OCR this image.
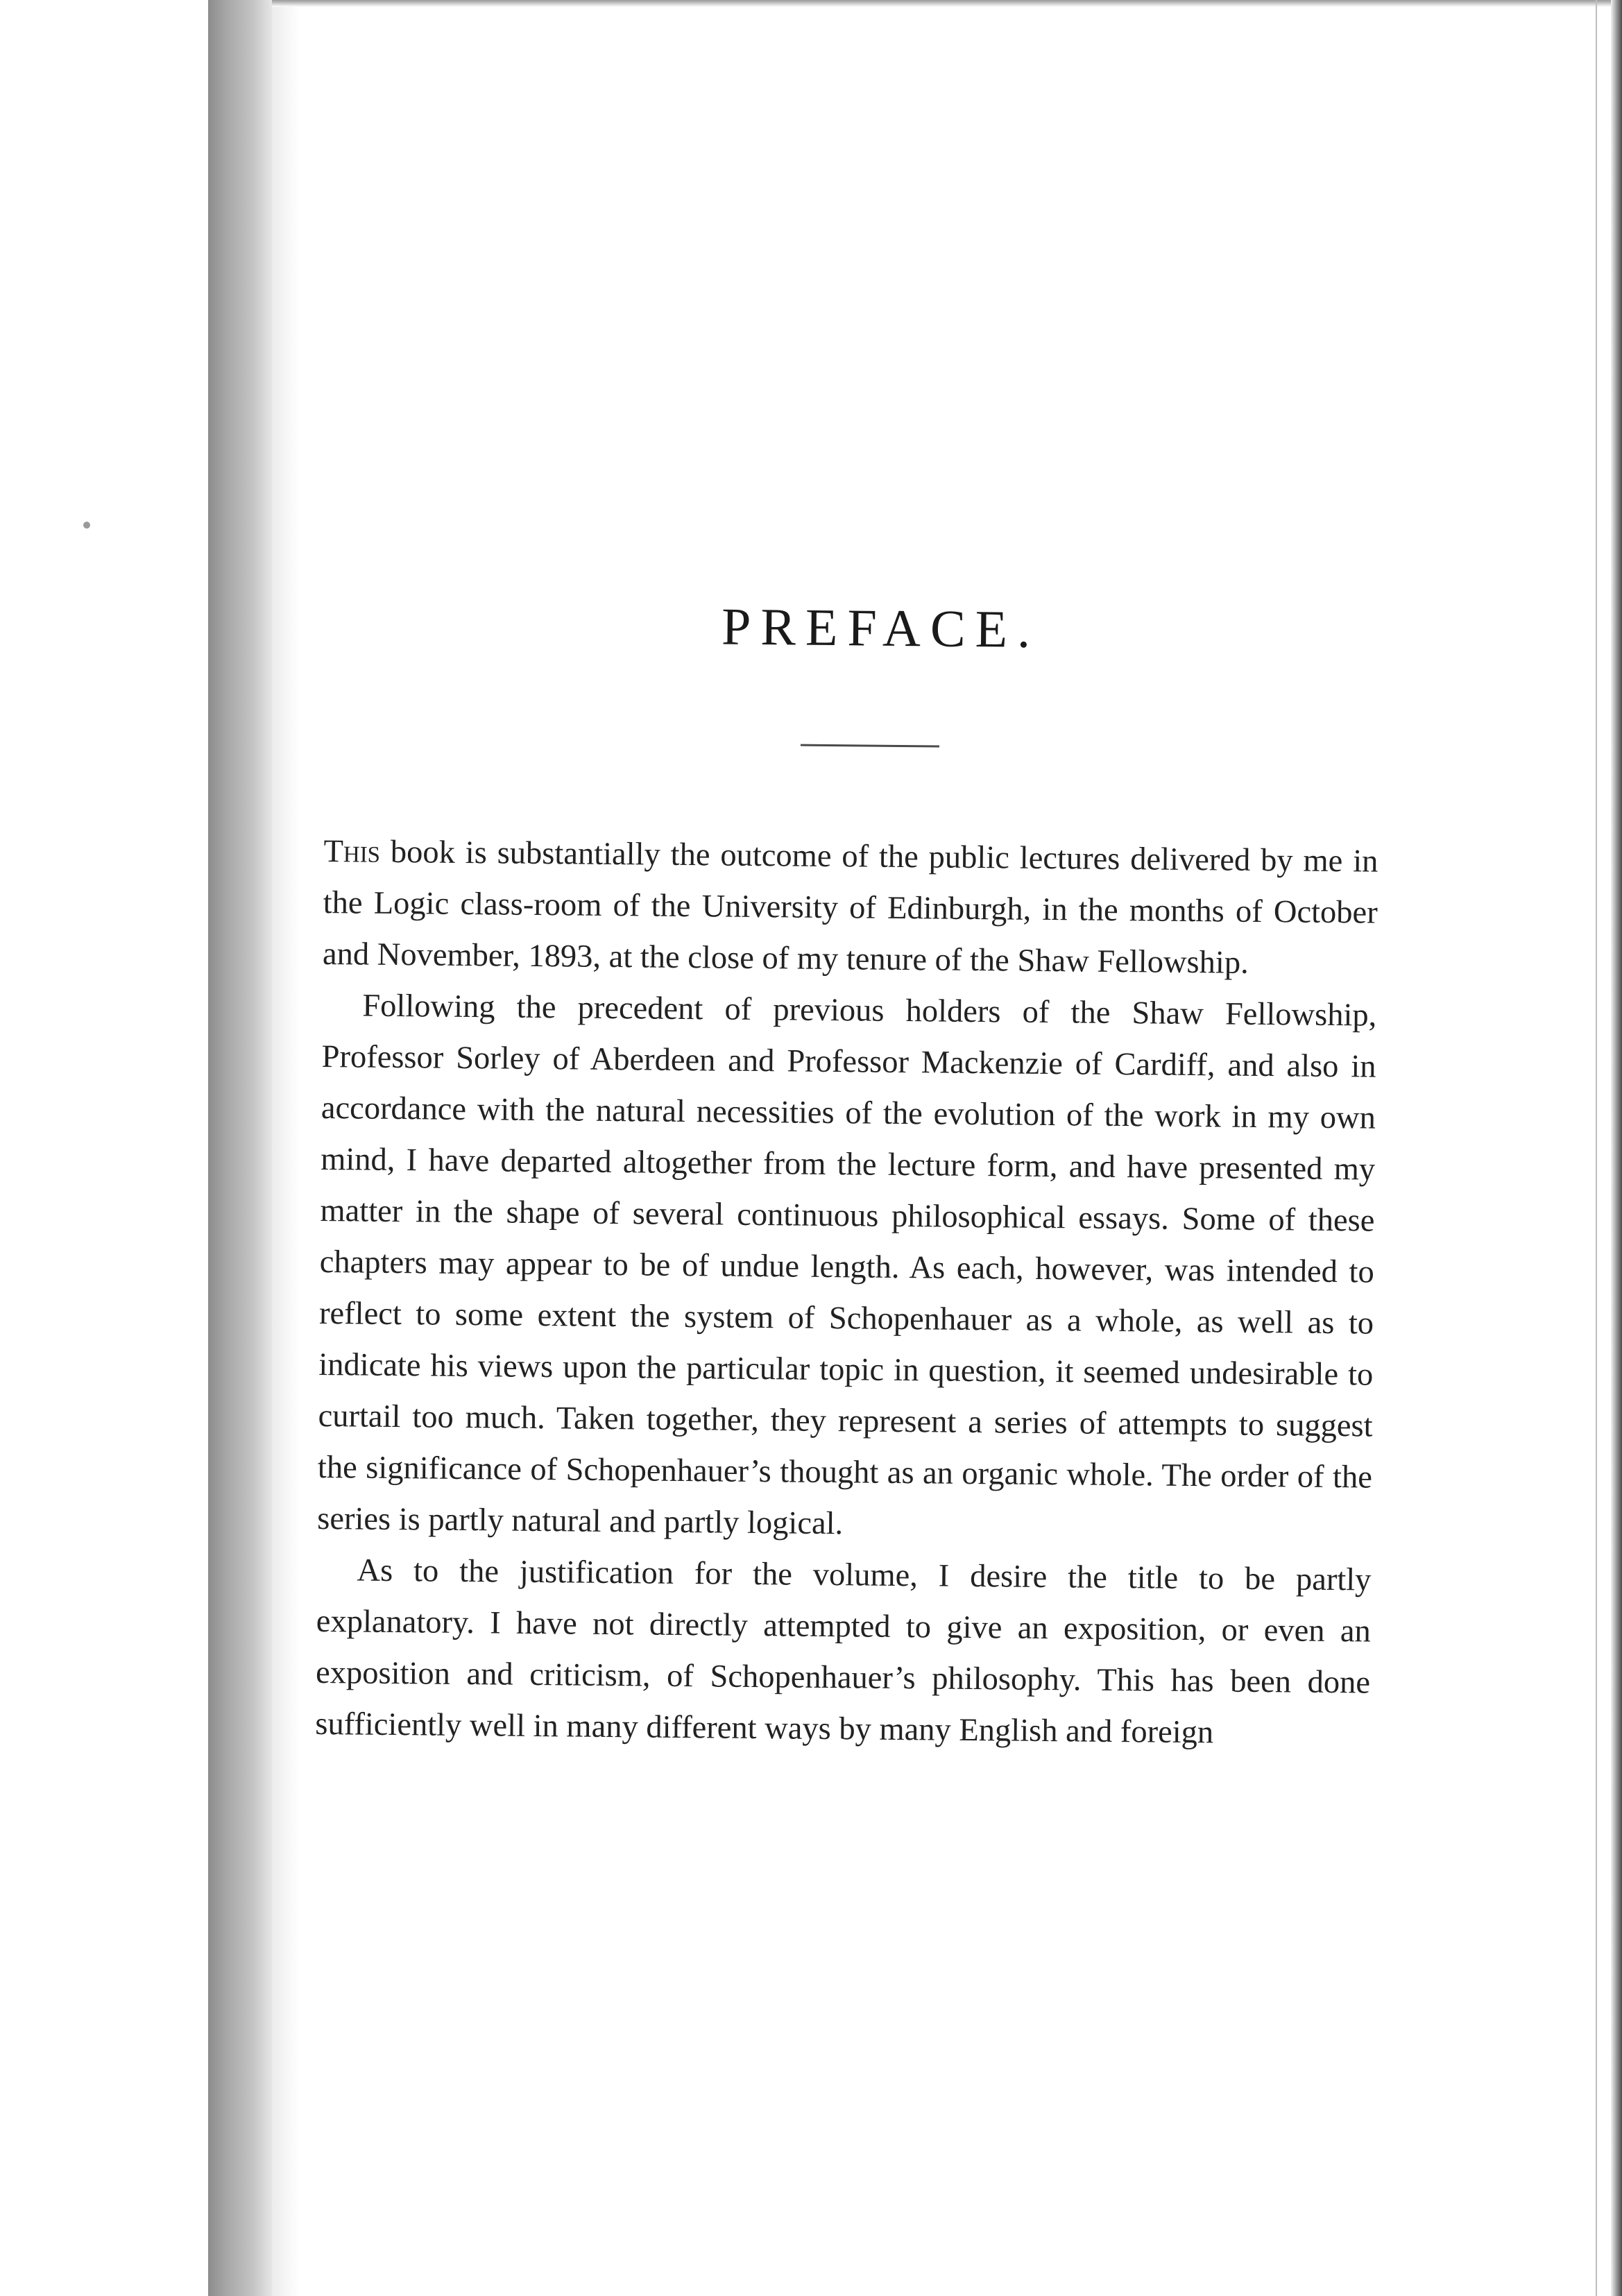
PREFACE.

This book is substantially the outcome of the public lectures delivered by me in the Logic class-room of the University of Edinburgh, in the months of October and November, 1893, at the close of my tenure of the Shaw Fellowship.

Following the precedent of previous holders of the Shaw Fellowship, Professor Sorley of Aberdeen and Professor Mackenzie of Cardiff, and also in accordance with the natural necessities of the evolution of the work in my own mind, I have departed altogether from the lecture form, and have presented my matter in the shape of several continuous philosophical essays. Some of these chapters may appear to be of undue length. As each, however, was intended to reflect to some extent the system of Schopenhauer as a whole, as well as to indicate his views upon the particular topic in question, it seemed undesirable to curtail too much. Taken together, they represent a series of attempts to suggest the significance of Schopenhauer’s thought as an organic whole. The order of the series is partly natural and partly logical.

As to the justification for the volume, I desire the title to be partly explanatory. I have not directly attempted to give an exposition, or even an exposition and criticism, of Schopenhauer’s philosophy. This has been done sufficiently well in many different ways by many English and foreign
